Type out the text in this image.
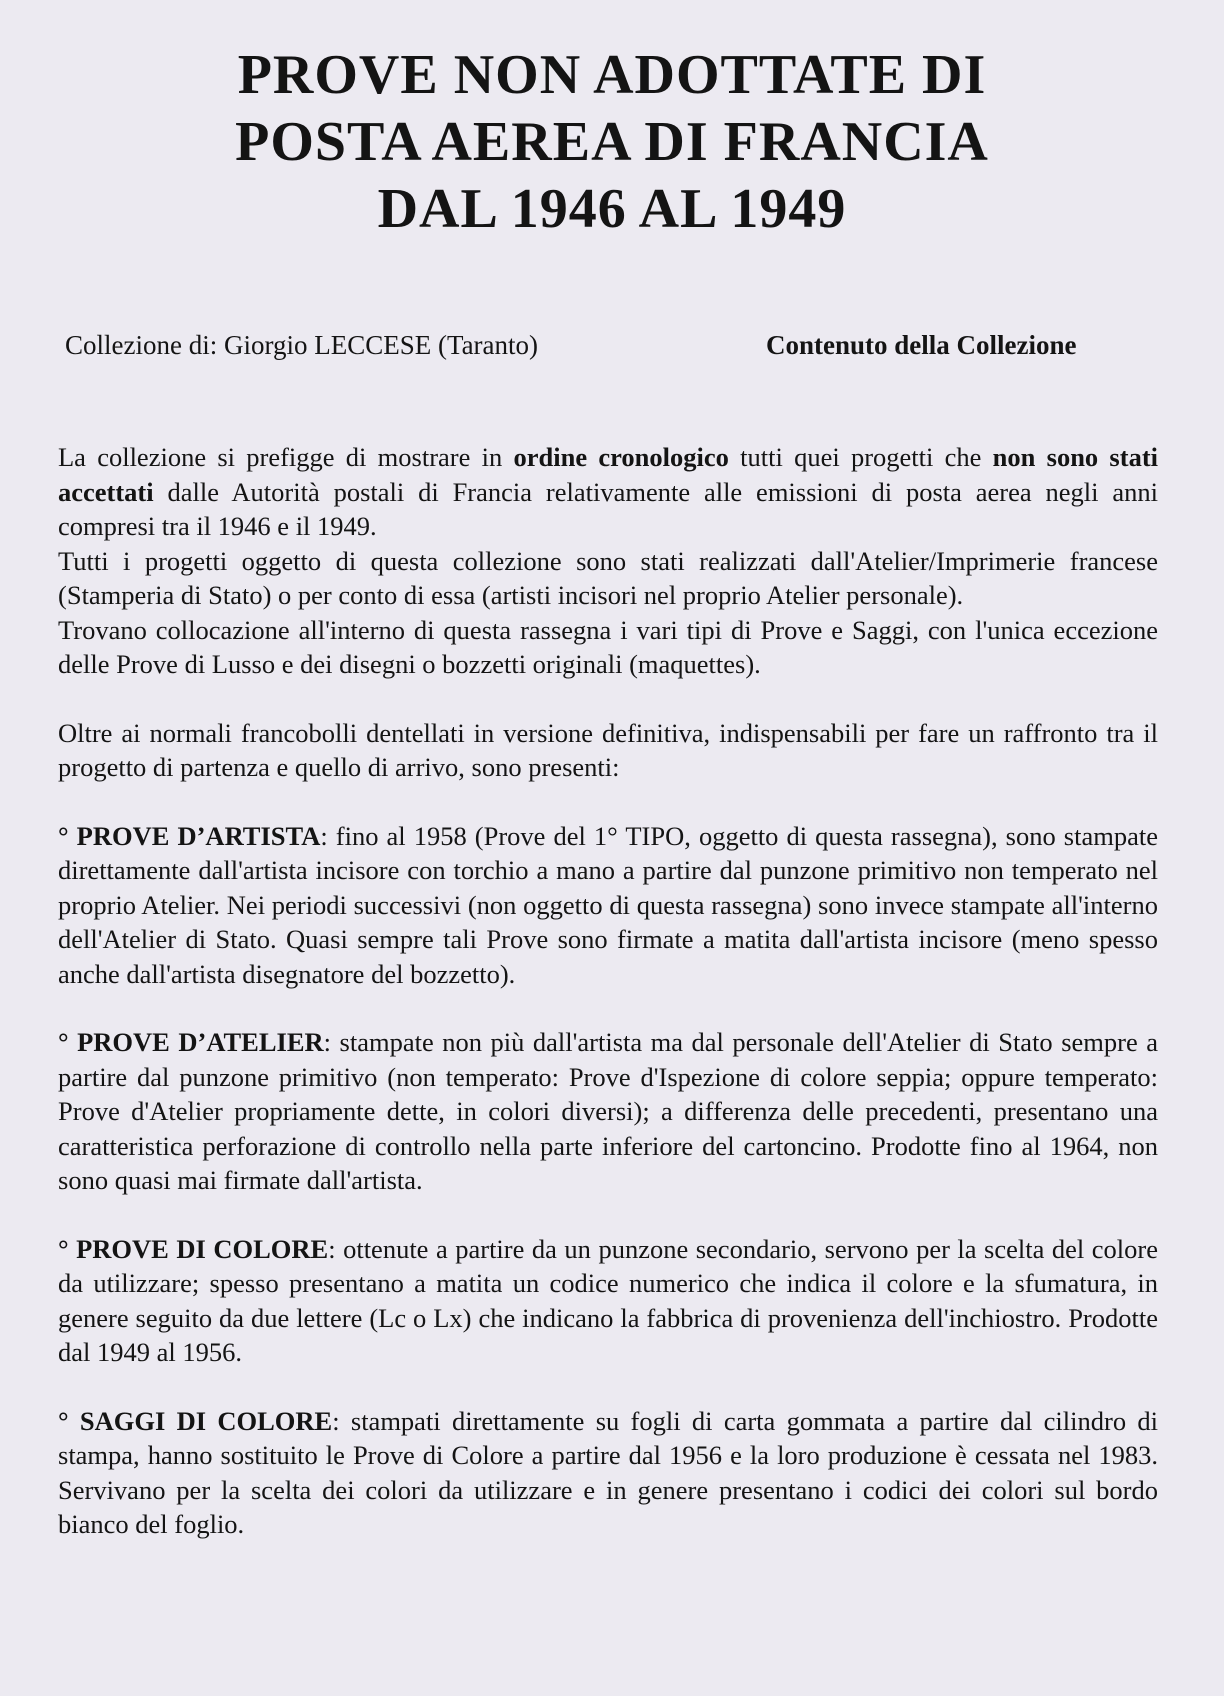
PROVE NON ADOTTATE DI
POSTA AEREA DI FRANCIA
DAL 1946 AL 1949
Collezione di: Giorgio LECCESE (Taranto)	Contenuto della Collezione

La collezione si prefigge di mostrare in ordine cronologico tutti quei progetti che non sono stati accettati dalle Autorità postali di Francia relativamente alle emissioni di posta aerea negli anni compresi tra il 1946 e il 1949.

Tutti i progetti oggetto di questa collezione sono stati realizzati dall'Atelier/Imprimerie francese (Stamperia di Stato) o per conto di essa (artisti incisori nel proprio Atelier personale).

Trovano collocazione all'interno di questa rassegna i vari tipi di Prove e Saggi, con l'unica eccezione delle Prove di Lusso e dei disegni o bozzetti originali (maquettes).

Oltre ai normali francobolli dentellati in versione definitiva, indispensabili per fare un raffronto tra il progetto di partenza e quello di arrivo, sono presenti:

° PROVE D’ARTISTA: fino al 1958 (Prove del 1° TIPO, oggetto di questa rassegna), sono stampate direttamente dall'artista incisore con torchio a mano a partire dal punzone primitivo non temperato nel proprio Atelier. Nei periodi successivi (non oggetto di questa rassegna) sono invece stampate all'interno dell'Atelier di Stato. Quasi sempre tali Prove sono firmate a matita dall'artista incisore (meno spesso anche dall'artista disegnatore del bozzetto).

° PROVE D’ATELIER: stampate non più dall'artista ma dal personale dell'Atelier di Stato sempre a partire dal punzone primitivo (non temperato: Prove d'Ispezione di colore seppia; oppure temperato: Prove d'Atelier propriamente dette, in colori diversi); a differenza delle precedenti, presentano una caratteristica perforazione di controllo nella parte inferiore del cartoncino. Prodotte fino al 1964, non sono quasi mai firmate dall'artista.

° PROVE DI COLORE: ottenute a partire da un punzone secondario, servono per la scelta del colore da utilizzare; spesso presentano a matita un codice numerico che indica il colore e la sfumatura, in genere seguito da due lettere (Lc o Lx) che indicano la fabbrica di provenienza dell'inchiostro. Prodotte dal 1949 al 1956.

° SAGGI DI COLORE: stampati direttamente su fogli di carta gommata a partire dal cilindro di stampa, hanno sostituito le Prove di Colore a partire dal 1956 e la loro produzione è cessata nel 1983. Servivano per la scelta dei colori da utilizzare e in genere presentano i codici dei colori sul bordo bianco del foglio.
